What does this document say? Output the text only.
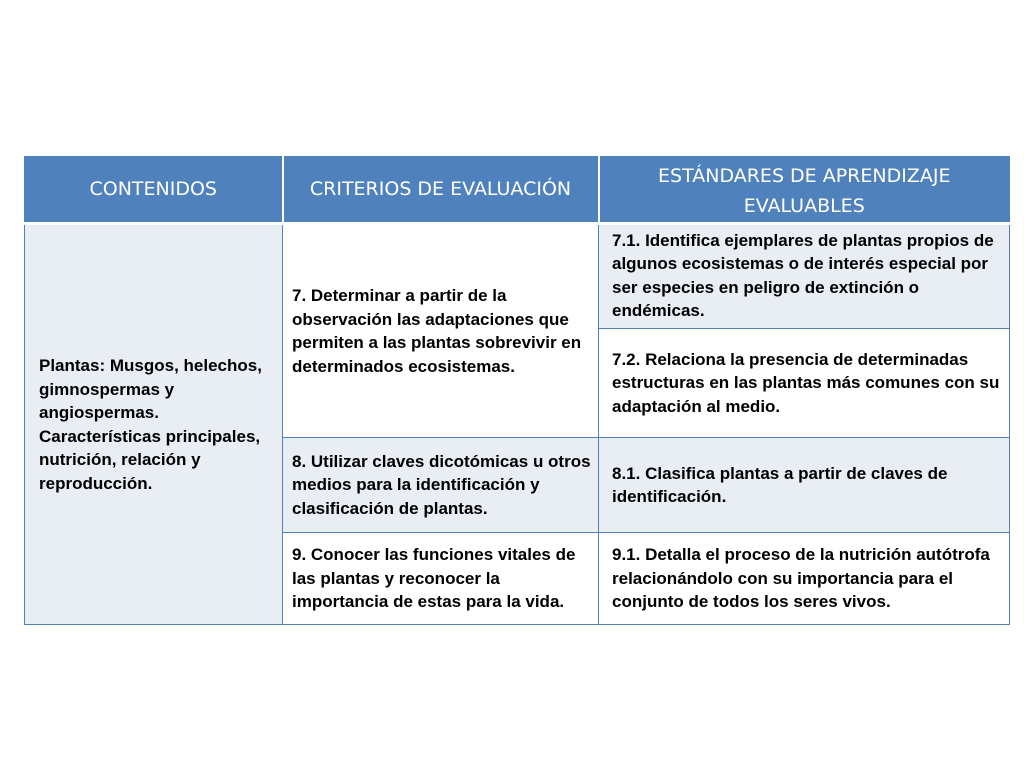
CONTENIDOS	CRITERIOS DE EVALUACIÓN	ESTÁNDARES DE APRENDIZAJE EVALUABLES
Plantas: Musgos, helechos, gimnospermas y angiospermas. Características principales, nutrición, relación y reproducción.	7. Determinar a partir de la observación las adaptaciones que permiten a las plantas sobrevivir en determinados ecosistemas.	7.1. Identifica ejemplares de plantas propios de algunos ecosistemas o de interés especial por ser especies en peligro de extinción o endémicas.
		7.2. Relaciona la presencia de determinadas estructuras en las plantas más comunes con su adaptación al medio.
	8. Utilizar claves dicotómicas u otros medios para la identificación y clasificación de plantas.	8.1. Clasifica plantas a partir de claves de identificación.
	9. Conocer las funciones vitales de las plantas y reconocer la importancia de estas para la vida.	9.1. Detalla el proceso de la nutrición autótrofa relacionándolo con su importancia para el conjunto de todos los seres vivos.
